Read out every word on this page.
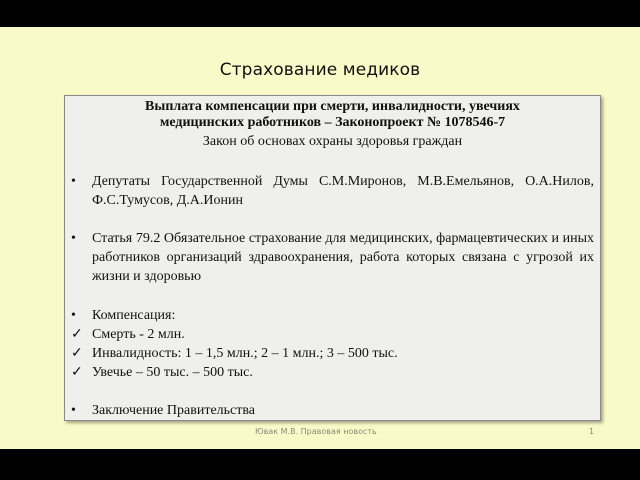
Страхование медиков
Выплата компенсации при смерти, инвалидности, увечиях
медицинских работников – Законопроект № 1078546-7
Закон об основах охраны здоровья граждан
•	Депутаты Государственной Думы С.М.Миронов, М.В.Емельянов, О.А.Нилов, Ф.С.Тумусов, Д.А.Ионин
•	Статья 79.2 Обязательное страхование для медицинских, фармацевтических и иных работников организаций здравоохранения, работа которых связана с угрозой их жизни и здоровью
•	Компенсация:
✓ Смерть - 2 млн.
✓ Инвалидность: 1 – 1,5 млн.; 2 – 1 млн.; 3 – 500 тыс.
✓ Увечье – 50 тыс. – 500 тыс.
•	Заключение Правительства
Ювак М.В. Правовая новость	1
